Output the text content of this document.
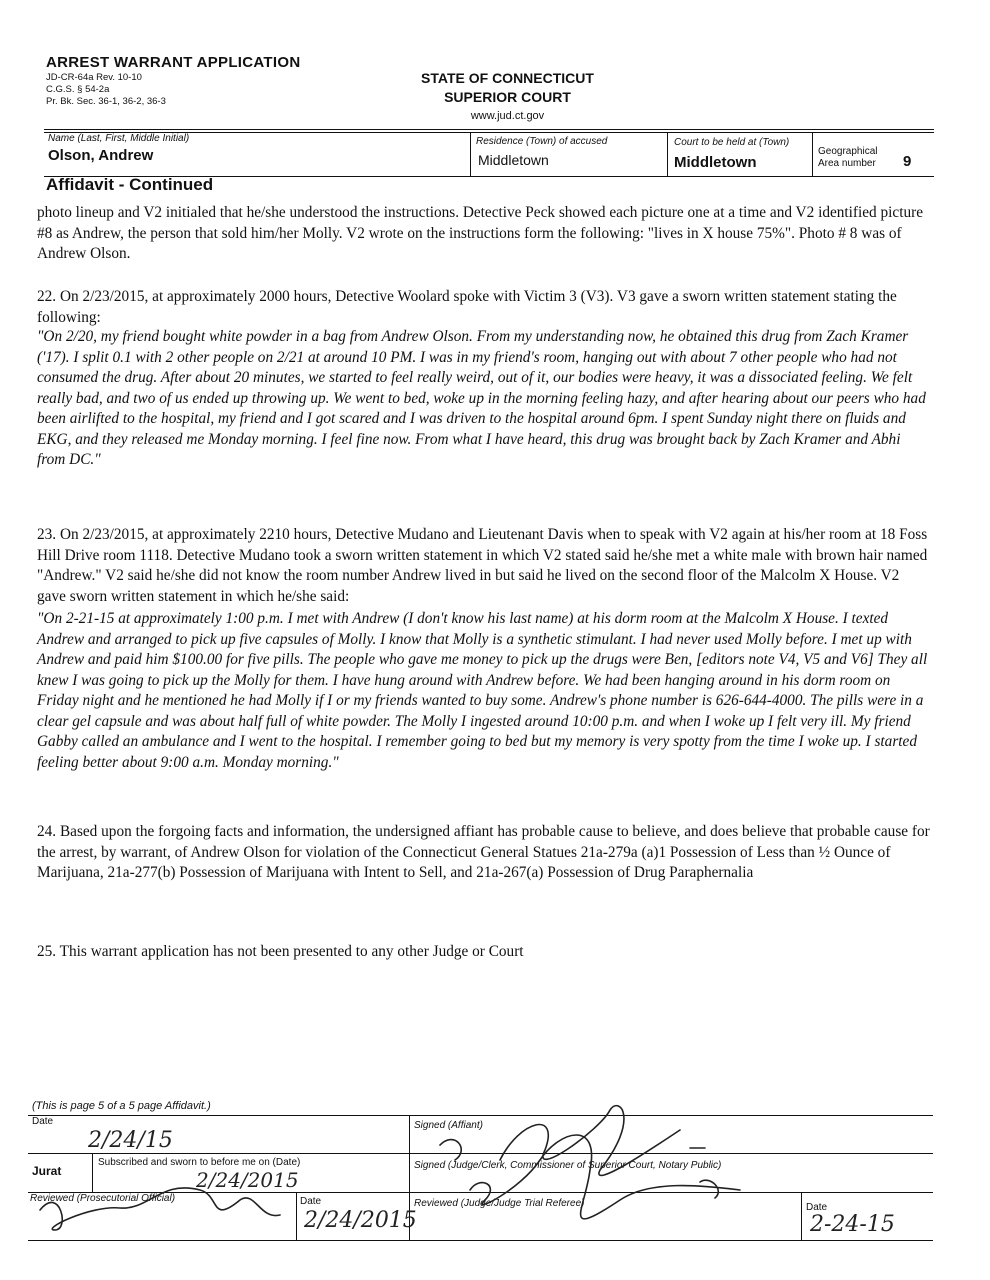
ARREST WARRANT APPLICATION
JD-CR-64a Rev. 10-10
C.G.S. § 54-2a
Pr. Bk. Sec. 36-1, 36-2, 36-3
STATE OF CONNECTICUT
SUPERIOR COURT
www.jud.ct.gov
Name (Last, First, Middle Initial)
Olson, Andrew
Residence (Town) of accused
Middletown
Court to be held at (Town)
Middletown
Geographical
Area number 9
Affidavit - Continued
photo lineup and V2 initialed that he/she understood the instructions. Detective Peck showed each picture one at a time and V2 identified picture #8 as Andrew, the person that sold him/her Molly. V2 wrote on the instructions form the following: "lives in X house 75%". Photo # 8 was of Andrew Olson.
22. On 2/23/2015, at approximately 2000 hours, Detective Woolard spoke with Victim 3 (V3). V3 gave a sworn written statement stating the following:
"On 2/20, my friend bought white powder in a bag from Andrew Olson. From my understanding now, he obtained this drug from Zach Kramer ('17). I split 0.1 with 2 other people on 2/21 at around 10 PM. I was in my friend's room, hanging out with about 7 other people who had not consumed the drug. After about 20 minutes, we started to feel really weird, out of it, our bodies were heavy, it was a dissociated feeling. We felt really bad, and two of us ended up throwing up. We went to bed, woke up in the morning feeling hazy, and after hearing about our peers who had been airlifted to the hospital, my friend and I got scared and I was driven to the hospital around 6pm. I spent Sunday night there on fluids and EKG, and they released me Monday morning. I feel fine now. From what I have heard, this drug was brought back by Zach Kramer and Abhi from DC."
23. On 2/23/2015, at approximately 2210 hours, Detective Mudano and Lieutenant Davis when to speak with V2 again at his/her room at 18 Foss Hill Drive room 1118. Detective Mudano took a sworn written statement in which V2 stated said he/she met a white male with brown hair named "Andrew." V2 said he/she did not know the room number Andrew lived in but said he lived on the second floor of the Malcolm X House. V2 gave sworn written statement in which he/she said:
"On 2-21-15 at approximately 1:00 p.m. I met with Andrew (I don't know his last name) at his dorm room at the Malcolm X House. I texted Andrew and arranged to pick up five capsules of Molly. I know that Molly is a synthetic stimulant. I had never used Molly before. I met up with Andrew and paid him $100.00 for five pills. The people who gave me money to pick up the drugs were Ben, [editors note V4, V5 and V6] They all knew I was going to pick up the Molly for them. I have hung around with Andrew before. We had been hanging around in his dorm room on Friday night and he mentioned he had Molly if I or my friends wanted to buy some. Andrew's phone number is 626-644-4000. The pills were in a clear gel capsule and was about half full of white powder. The Molly I ingested around 10:00 p.m. and when I woke up I felt very ill. My friend Gabby called an ambulance and I went to the hospital. I remember going to bed but my memory is very spotty from the time I woke up. I started feeling better about 9:00 a.m. Monday morning."
24. Based upon the forgoing facts and information, the undersigned affiant has probable cause to believe, and does believe that probable cause for the arrest, by warrant, of Andrew Olson for violation of the Connecticut General Statues 21a-279a (a)1 Possession of Less than ½ Ounce of Marijuana, 21a-277(b) Possession of Marijuana with Intent to Sell, and 21a-267(a) Possession of Drug Paraphernalia
25. This warrant application has not been presented to any other Judge or Court
(This is page 5 of a 5 page Affidavit.)
Date
2/24/15
Signed (Affiant)
Jurat
Subscribed and sworn to before me on (Date)
2/24/2015
Signed (Judge/Clerk, Commissioner of Superior Court, Notary Public)
Reviewed (Prosecutorial Official)	Date
2/24/2015
Reviewed (Judge/Judge Trial Referee)	Date
2-24-15
